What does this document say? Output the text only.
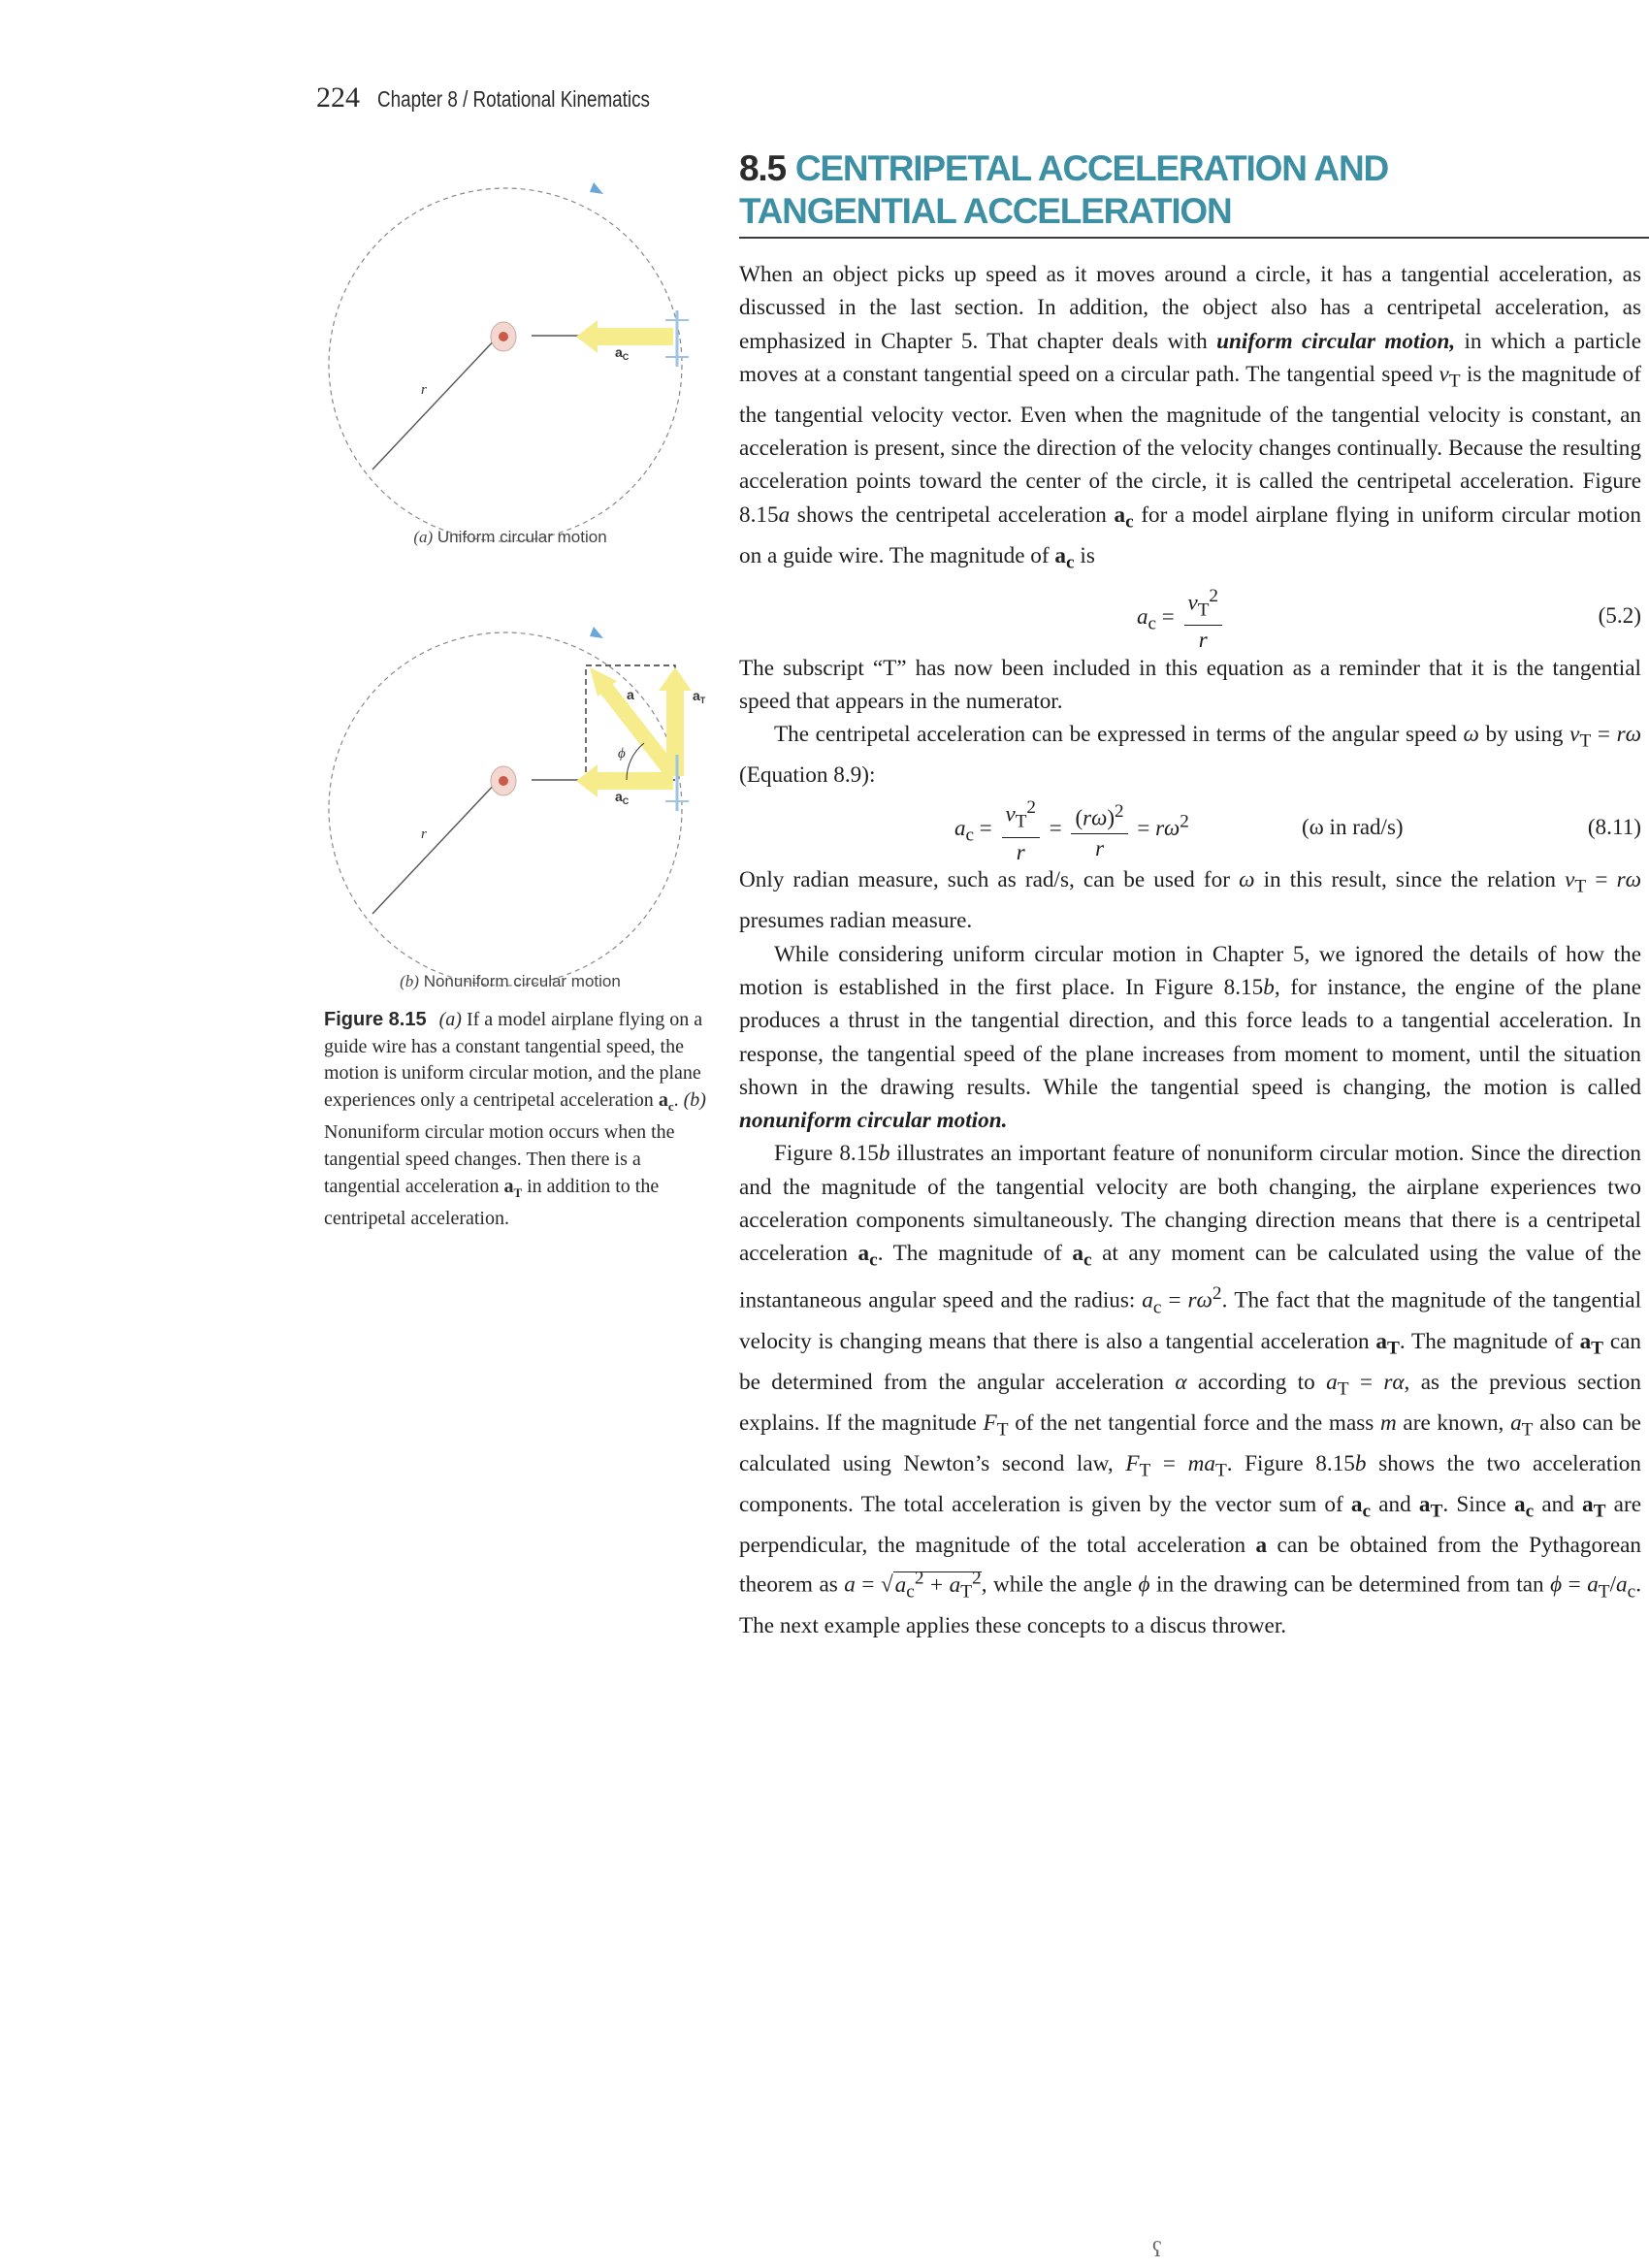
224 Chapter 8 / Rotational Kinematics
8.5 CENTRIPETAL ACCELERATION AND
TANGENTIAL ACCELERATION
$a_C$
r
(a) Uniform circular motion
ϕ
a	$a_T$
$a_C$
r
(b) Nonuniform circular motion
Figure 8.15 (a) If a model airplane flying on a guide wire has a constant tangential speed, the motion is uniform circular motion, and the plane experiences only a centripetal acceleration $a_c$. (b) Nonuniform circular motion occurs when the tangential speed changes. Then there is a tangential acceleration $a_T$ in addition to the centripetal acceleration.

When an object picks up speed as it moves around a circle, it has a tangential acceleration, as discussed in the last section. In addition, the object also has a centripetal acceleration, as emphasized in Chapter 5. That chapter deals with uniform circular motion, in which a particle moves at a constant tangential speed on a circular path. The tangential speed $v_T$ is the magnitude of the tangential velocity vector. Even when the magnitude of the tangential velocity is constant, an acceleration is present, since the direction of the velocity changes continually. Because the resulting acceleration points toward the center of the circle, it is called the centripetal acceleration. Figure 8.15a shows the centripetal acceleration $a_c$ for a model airplane flying in uniform circular motion on a guide wire. The magnitude of $a_c$ is

$a_c = \frac{v_T^2}{r}$	(5.2)

The subscript “T” has now been included in this equation as a reminder that it is the tangential speed that appears in the numerator.

The centripetal acceleration can be expressed in terms of the angular speed ω by using $v_T = r\omega$ (Equation 8.9):

$a_c = \frac{v_T^2}{r} = \frac{(r\omega)^2}{r} = r\omega^2$	(ω in rad/s)	(8.11)

Only radian measure, such as rad/s, can be used for ω in this result, since the relation $v_T = r\omega$ presumes radian measure.

While considering uniform circular motion in Chapter 5, we ignored the details of how the motion is established in the first place. In Figure 8.15b, for instance, the engine of the plane produces a thrust in the tangential direction, and this force leads to a tangential acceleration. In response, the tangential speed of the plane increases from moment to moment, until the situation shown in the drawing results. While the tangential speed is changing, the motion is called nonuniform circular motion.

Figure 8.15b illustrates an important feature of nonuniform circular motion. Since the direction and the magnitude of the tangential velocity are both changing, the airplane experiences two acceleration components simultaneously. The changing direction means that there is a centripetal acceleration $a_c$. The magnitude of $a_c$ at any moment can be calculated using the value of the instantaneous angular speed and the radius: $a_c = r\omega^2$. The fact that the magnitude of the tangential velocity is changing means that there is also a tangential acceleration $a_T$. The magnitude of $a_T$ can be determined from the angular acceleration α according to $a_T = r\alpha$, as the previous section explains. If the magnitude $F_T$ of the net tangential force and the mass m are known, $a_T$ also can be calculated using Newton’s second law, $F_T = ma_T$. Figure 8.15b shows the two acceleration components. The total acceleration is given by the vector sum of $a_c$ and $a_T$. Since $a_c$ and $a_T$ are perpendicular, the magnitude of the total acceleration a can be obtained from the Pythagorean theorem as $a = √a_c^2 + a_T^2$, while the angle ϕ in the drawing can be determined from $\tan \phi = a_T/a_c$. The next example applies these concepts to a discus thrower.

ʕ
